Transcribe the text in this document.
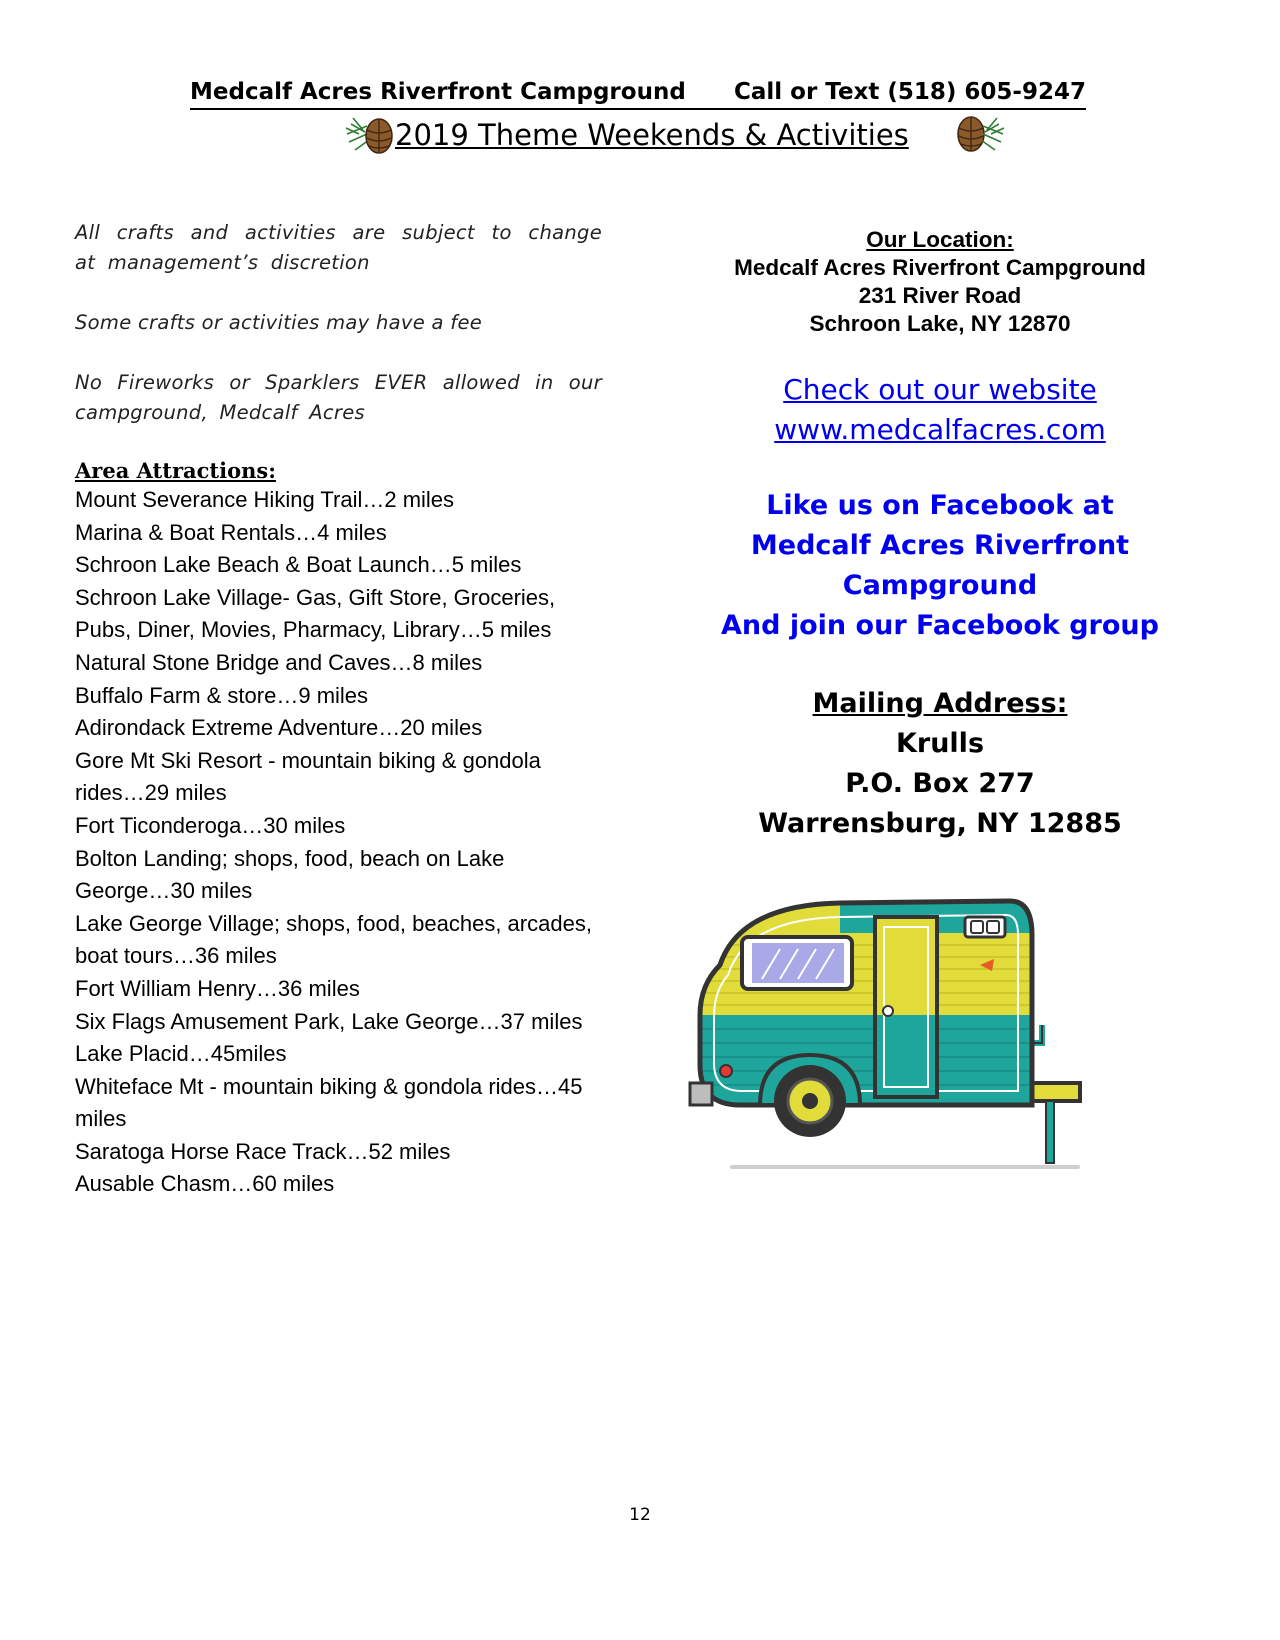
Medcalf Acres Riverfront Campground Call or Text (518) 605-9247
2019 Theme Weekends & Activities

All crafts and activities are subject to change at management’s discretion

Some crafts or activities may have a fee

No Fireworks or Sparklers EVER allowed in our campground, Medcalf Acres

Area Attractions:
Mount Severance Hiking Trail…2 miles
Marina & Boat Rentals…4 miles
Schroon Lake Beach & Boat Launch…5 miles
Schroon Lake Village- Gas, Gift Store, Groceries, Pubs, Diner, Movies, Pharmacy, Library…5 miles
Natural Stone Bridge and Caves…8 miles
Buffalo Farm & store…9 miles
Adirondack Extreme Adventure…20 miles
Gore Mt Ski Resort - mountain biking & gondola rides…29 miles
Fort Ticonderoga…30 miles
Bolton Landing; shops, food, beach on Lake George…30 miles
Lake George Village; shops, food, beaches, arcades, boat tours…36 miles
Fort William Henry…36 miles
Six Flags Amusement Park, Lake George…37 miles
Lake Placid…45miles
Whiteface Mt - mountain biking & gondola rides…45 miles
Saratoga Horse Race Track…52 miles
Ausable Chasm…60 miles
Our Location:
Medcalf Acres Riverfront Campground
231 River Road
Schroon Lake, NY 12870
Check out our website
www.medcalfacres.com
Like us on Facebook at
Medcalf Acres Riverfront
Campground
And join our Facebook group
Mailing Address:
Krulls
P.O. Box 277
Warrensburg, NY 12885
12
